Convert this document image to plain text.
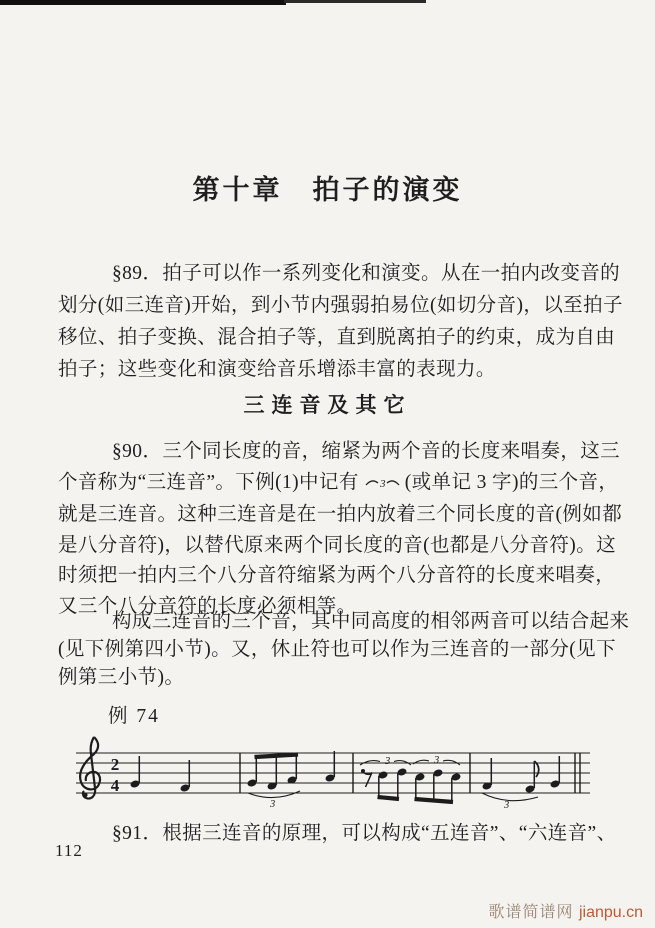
第十章　拍子的演变
§89．拍子可以作一系列变化和演变。从在一拍内改变音的
划分(如三连音)开始，到小节内强弱拍易位(如切分音)，以至拍子
移位、拍子变换、混合拍子等，直到脱离拍子的约束，成为自由
拍子；这些变化和演变给音乐增添丰富的表现力。
三连音及其它
§90．三个同长度的音，缩紧为两个音的长度来唱奏，这三
个音称为“三连音”。下例(1)中记有 3 (或单记 3 字)的三个音，
就是三连音。这种三连音是在一拍内放着三个同长度的音(例如都
是八分音符)，以替代原来两个同长度的音(也都是八分音符)。这
时须把一拍内三个八分音符缩紧为两个八分音符的长度来唱奏，
又三个八分音符的长度必须相等。
构成三连音的三个音，其中同高度的相邻两音可以结合起来
(见下例第四小节)。又，休止符也可以作为三连音的一部分(见下
例第三小节)。
例 74
2
4
3
3	3
3
§91．根据三连音的原理，可以构成“五连音”、“六连音”、
112
歌谱简谱网 jianpu.cn
